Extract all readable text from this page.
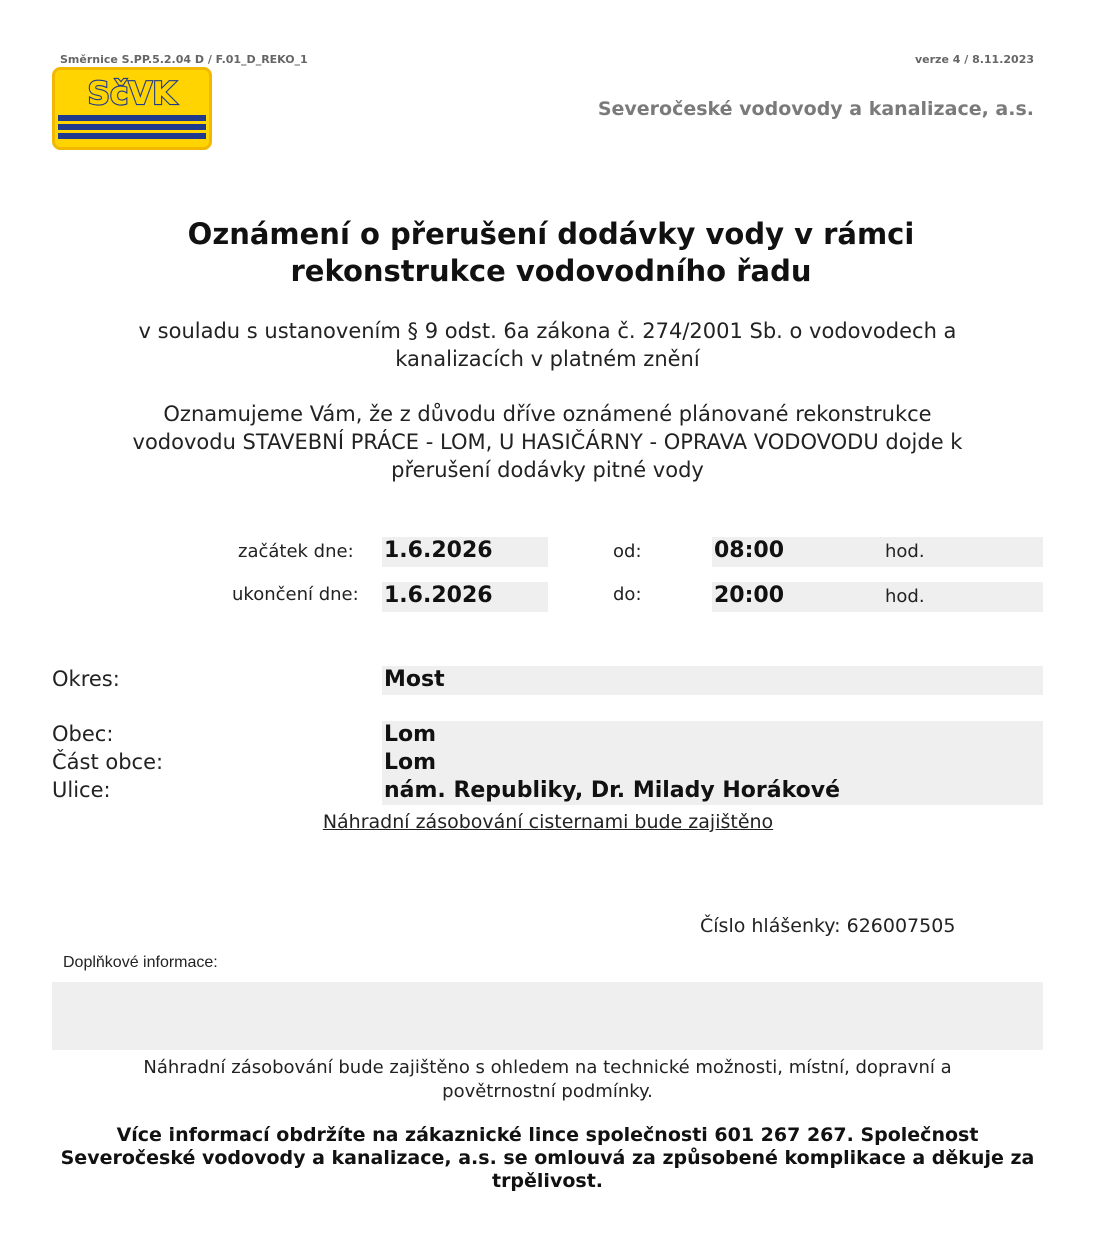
Směrnice S.PP.5.2.04 D / F.01_D_REKO_1	verze 4 / 8.11.2023
SčVK	Severočeské vodovody a kanalizace, a.s.
Oznámení o přerušení dodávky vody v rámci
rekonstrukce vodovodního řadu
v souladu s ustanovením § 9 odst. 6a zákona č. 274/2001 Sb. o vodovodech a
kanalizacích v platném znění
Oznamujeme Vám, že z důvodu dříve oznámené plánované rekonstrukce
vodovodu STAVEBNÍ PRÁCE - LOM, U HASIČÁRNY - OPRAVA VODOVODU dojde k
přerušení dodávky pitné vody
začátek dne: 1.6.2026	od:	08:00	hod.
ukončení dne: 1.6.2026	do:	20:00	hod.
Okres:	Most
Obec:	Lom
Část obce:	Lom
Ulice:	nám. Republiky, Dr. Milady Horákové
Náhradní zásobování cisternami bude zajištěno
Číslo hlášenky: 626007505
Doplňkové informace:
Náhradní zásobování bude zajištěno s ohledem na technické možnosti, místní, dopravní a
povětrnostní podmínky.
Více informací obdržíte na zákaznické lince společnosti 601 267 267. Společnost
Severočeské vodovody a kanalizace, a.s. se omlouvá za způsobené komplikace a děkuje za
trpělivost.
